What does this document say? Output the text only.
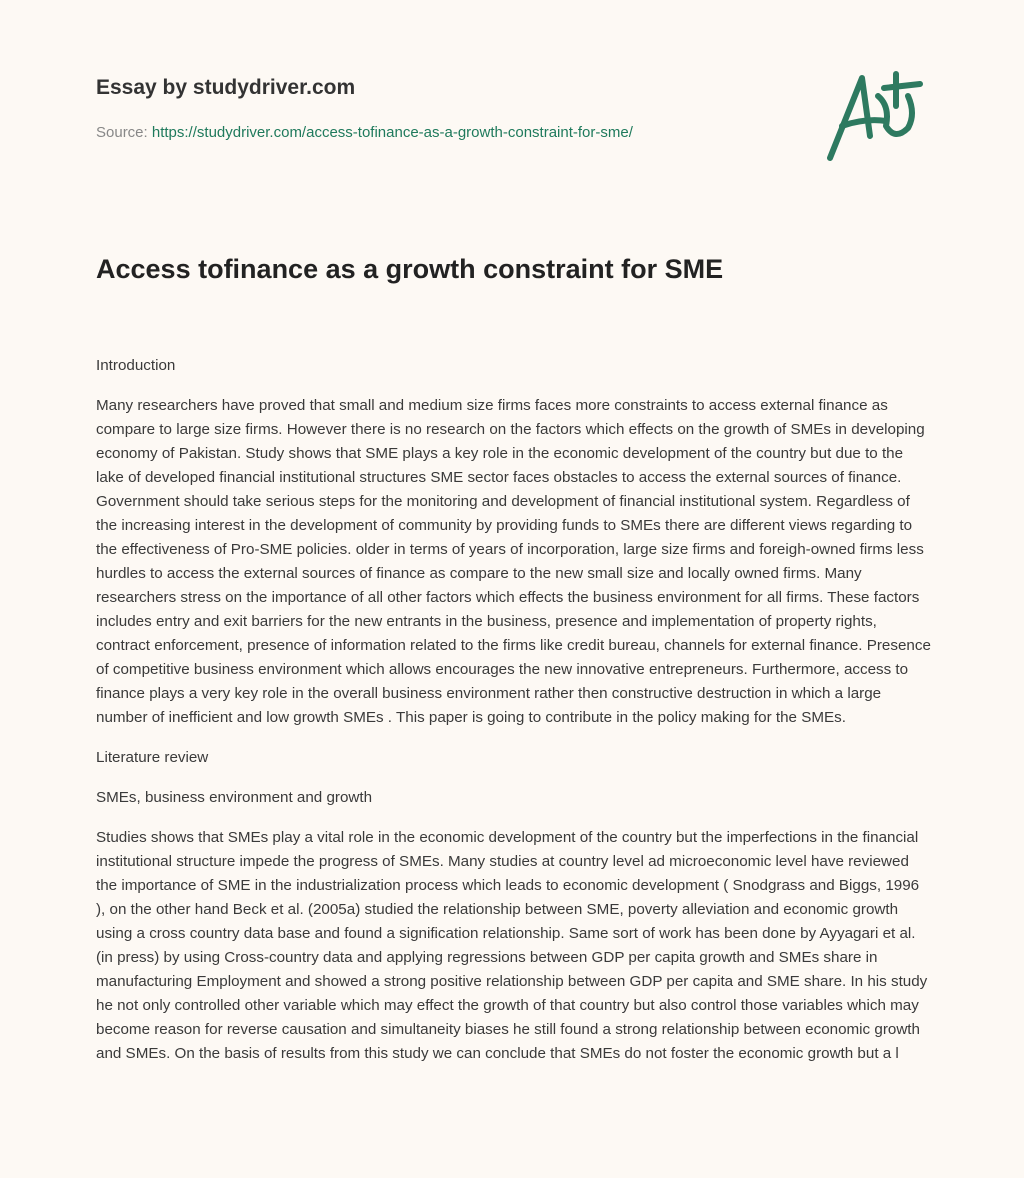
Essay by studydriver.com
Source: https://studydriver.com/access-tofinance-as-a-growth-constraint-for-sme/
Access tofinance as a growth constraint for SME

Introduction

Many researchers have proved that small and medium size firms faces more constraints to access external finance as compare to large size firms. However there is no research on the factors which effects on the growth of SMEs in developing economy of Pakistan. Study shows that SME plays a key role in the economic development of the country but due to the lake of developed financial institutional structures SME sector faces obstacles to access the external sources of finance. Government should take serious steps for the monitoring and development of financial institutional system. Regardless of the increasing interest in the development of community by providing funds to SMEs there are different views regarding to the effectiveness of Pro-SME policies. older in terms of years of incorporation, large size firms and foreigh-owned firms less hurdles to access the external sources of finance as compare to the new small size and locally owned firms. Many researchers stress on the importance of all other factors which effects the business environment for all firms. These factors includes entry and exit barriers for the new entrants in the business, presence and implementation of property rights, contract enforcement, presence of information related to the firms like credit bureau, channels for external finance. Presence of competitive business environment which allows encourages the new innovative entrepreneurs. Furthermore, access to finance plays a very key role in the overall business environment rather then constructive destruction in which a large number of inefficient and low growth SMEs . This paper is going to contribute in the policy making for the SMEs.

Literature review

SMEs, business environment and growth

Studies shows that SMEs play a vital role in the economic development of the country but the imperfections in the financial institutional structure impede the progress of SMEs. Many studies at country level ad microeconomic level have reviewed the importance of SME in the industrialization process which leads to economic development ( Snodgrass and Biggs, 1996 ), on the other hand Beck et al. (2005a) studied the relationship between SME, poverty alleviation and economic growth using a cross country data base and found a signification relationship. Same sort of work has been done by Ayyagari et al. (in press) by using Cross-country data and applying regressions between GDP per capita growth and SMEs share in manufacturing Employment and showed a strong positive relationship between GDP per capita and SME share. In his study he not only controlled other variable which may effect the growth of that country but also control those variables which may become reason for reverse causation and simultaneity biases he still found a strong relationship between economic growth and SMEs. On the basis of results from this study we can conclude that SMEs do not foster the economic growth but a l
